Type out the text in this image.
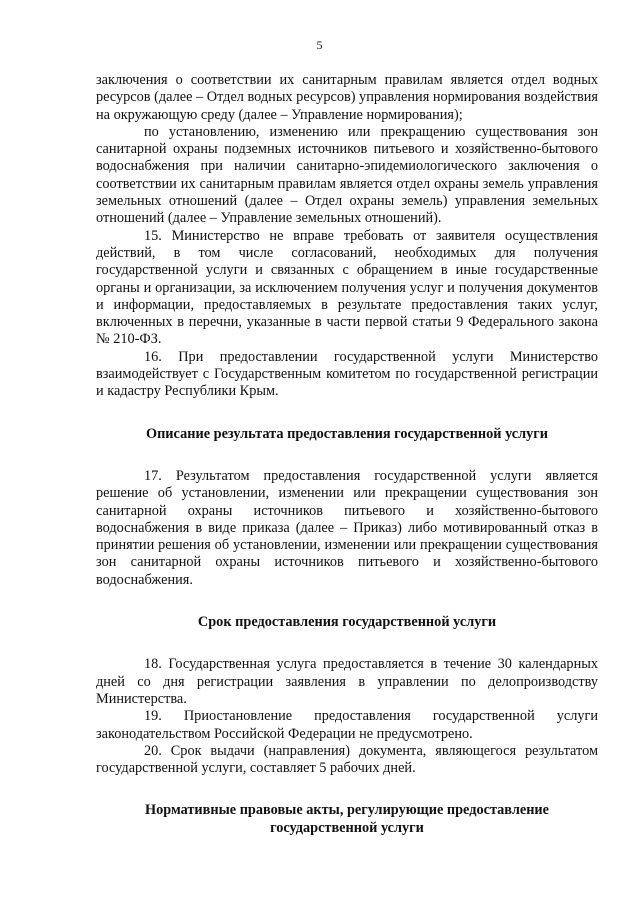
5

заключения о соответствии их санитарным правилам является отдел водных ресурсов (далее – Отдел водных ресурсов) управления нормирования воздействия на окружающую среду (далее – Управление нормирования);

по установлению, изменению или прекращению существования зон санитарной охраны подземных источников питьевого и хозяйственно-бытового водоснабжения при наличии санитарно-эпидемиологического заключения о соответствии их санитарным правилам является отдел охраны земель управления земельных отношений (далее – Отдел охраны земель) управления земельных отношений (далее – Управление земельных отношений).

15. Министерство не вправе требовать от заявителя осуществления действий, в том числе согласований, необходимых для получения государственной услуги и связанных с обращением в иные государственные органы и организации, за исключением получения услуг и получения документов и информации, предоставляемых в результате предоставления таких услуг, включенных в перечни, указанные в части первой статьи 9 Федерального закона № 210-ФЗ.

16. При предоставлении государственной услуги Министерство взаимодействует с Государственным комитетом по государственной регистрации и кадастру Республики Крым.

Описание результата предоставления государственной услуги

17. Результатом предоставления государственной услуги является решение об установлении, изменении или прекращении существования зон санитарной охраны источников питьевого и хозяйственно-бытового водоснабжения в виде приказа (далее – Приказ) либо мотивированный отказ в принятии решения об установлении, изменении или прекращении существования зон санитарной охраны источников питьевого и хозяйственно-бытового водоснабжения.

Срок предоставления государственной услуги

18. Государственная услуга предоставляется в течение 30 календарных дней со дня регистрации заявления в управлении по делопроизводству Министерства.

19. Приостановление предоставления государственной услуги законодательством Российской Федерации не предусмотрено.

20. Срок выдачи (направления) документа, являющегося результатом государственной услуги, составляет 5 рабочих дней.

Нормативные правовые акты, регулирующие предоставление

государственной услуги
